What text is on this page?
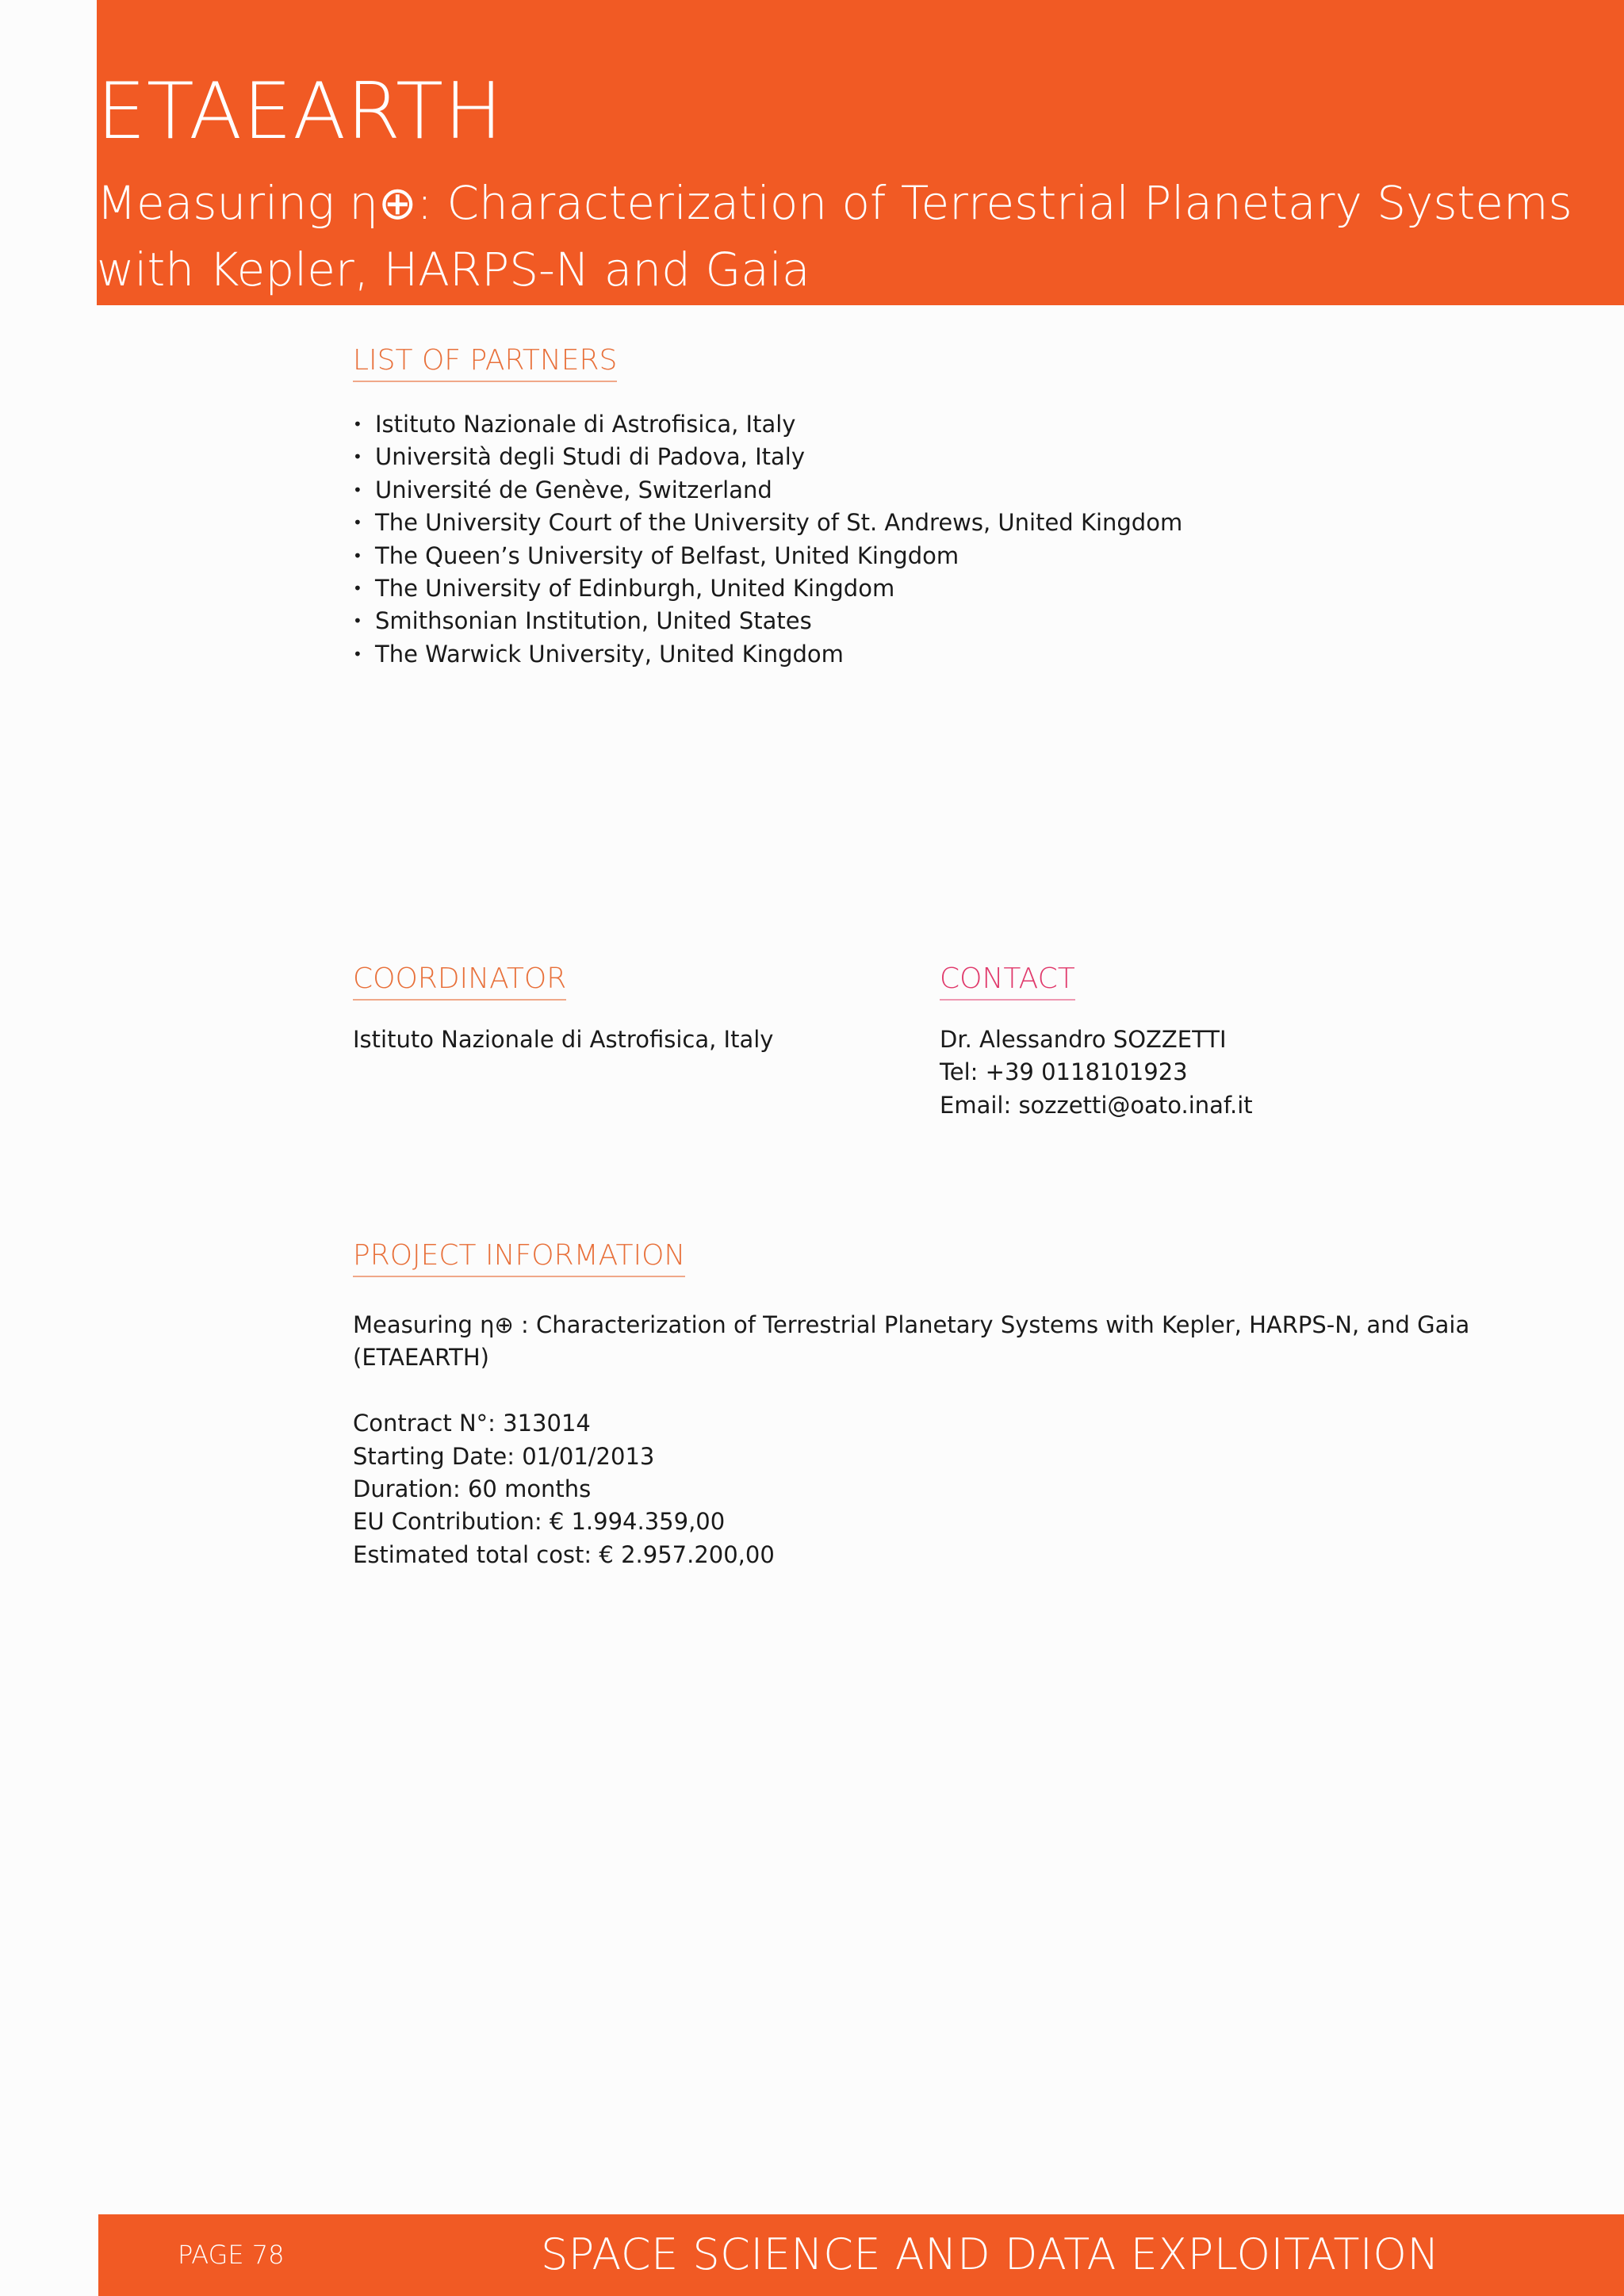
ETAEARTH
Measuring η⊕: Characterization of Terrestrial Planetary Systems with Kepler, HARPS-N and Gaia
LIST OF PARTNERS
• Istituto Nazionale di Astrofisica, Italy
• Università degli Studi di Padova, Italy
• Université de Genève, Switzerland
• The University Court of the University of St. Andrews, United Kingdom
• The Queen’s University of Belfast, United Kingdom
• The University of Edinburgh, United Kingdom
• Smithsonian Institution, United States
• The Warwick University, United Kingdom
COORDINATOR
Istituto Nazionale di Astrofisica, Italy
CONTACT
Dr. Alessandro SOZZETTI
Tel: +39 0118101923
Email: sozzetti@oato.inaf.it
PROJECT INFORMATION
Measuring η⊕ : Characterization of Terrestrial Planetary Systems with Kepler, HARPS-N, and Gaia
(ETAEARTH)
Contract N°: 313014
Starting Date: 01/01/2013
Duration: 60 months
EU Contribution: € 1.994.359,00
Estimated total cost: € 2.957.200,00
PAGE 78	SPACE SCIENCE AND DATA EXPLOITATION
